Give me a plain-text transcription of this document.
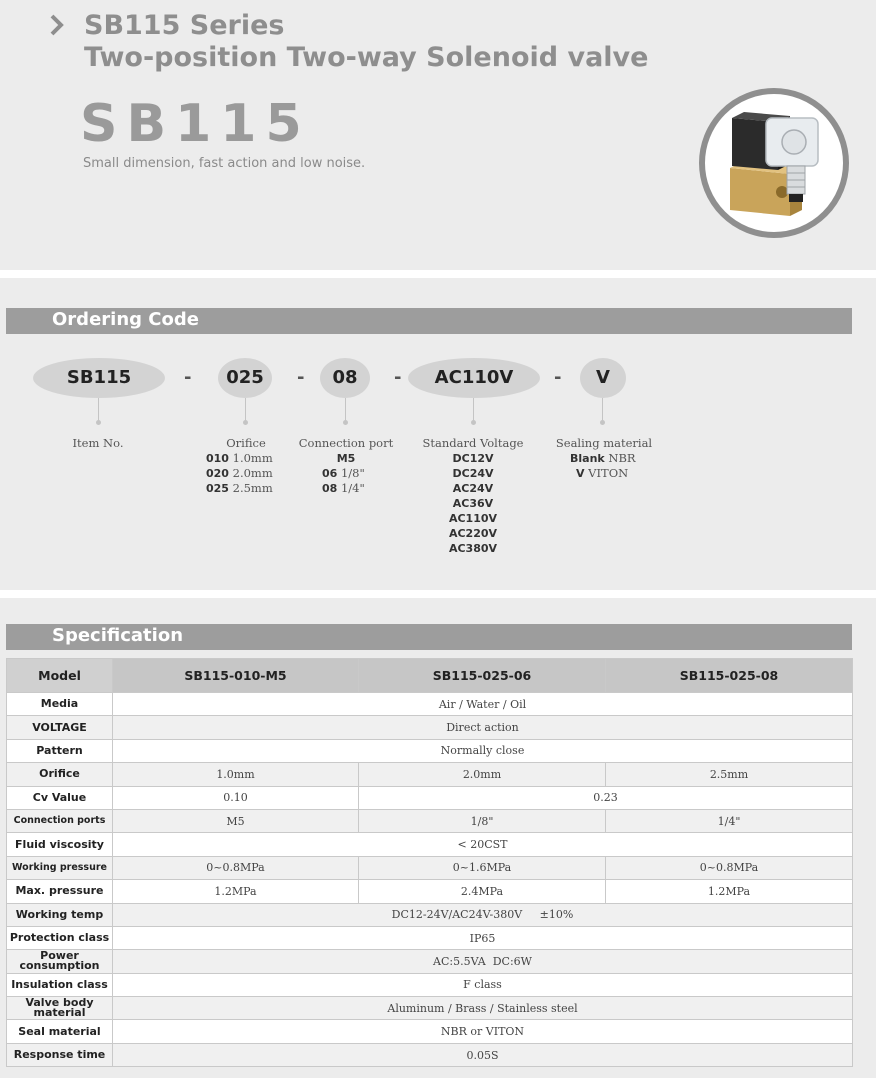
SB115 Series
Two-position Two-way Solenoid valve
SB115
Small dimension, fast action and low noise.
Ordering Code
SB115	-	025	-	08	-	AC110V	-	V
Item No.	Orifice
010 1.0mm
020 2.0mm
025 2.5mm
Connection port
M5
06 1/8"
08 1/4"
Standard Voltage
DC12V
DC24V
AC24V
AC36V
AC110V
AC220V
AC380V
Sealing material
Blank NBR
V VITON
Specification
Model	SB115-010-M5	SB115-025-06	SB115-025-08
Media	Air / Water / Oil		
VOLTAGE	Direct action		
Pattern	Normally close		
Orifice	1.0mm	2.0mm	2.5mm
Cv Value	0.10	0.23	
Connection ports	M5	1/8"	1/4"
Fluid viscosity	< 20CST		
Working pressure	0~0.8MPa	0~1.6MPa	0~0.8MPa
Max. pressure	1.2MPa	2.4MPa	1.2MPa
Working temp	DC12-24V/AC24V-380V     ±10%		
Protection class	IP65		
Power consumption	AC:5.5VA  DC:6W		
Insulation class	F class		
Valve body material	Aluminum / Brass / Stainless steel		
Seal material	NBR or VITON		
Response time	0.05S		
